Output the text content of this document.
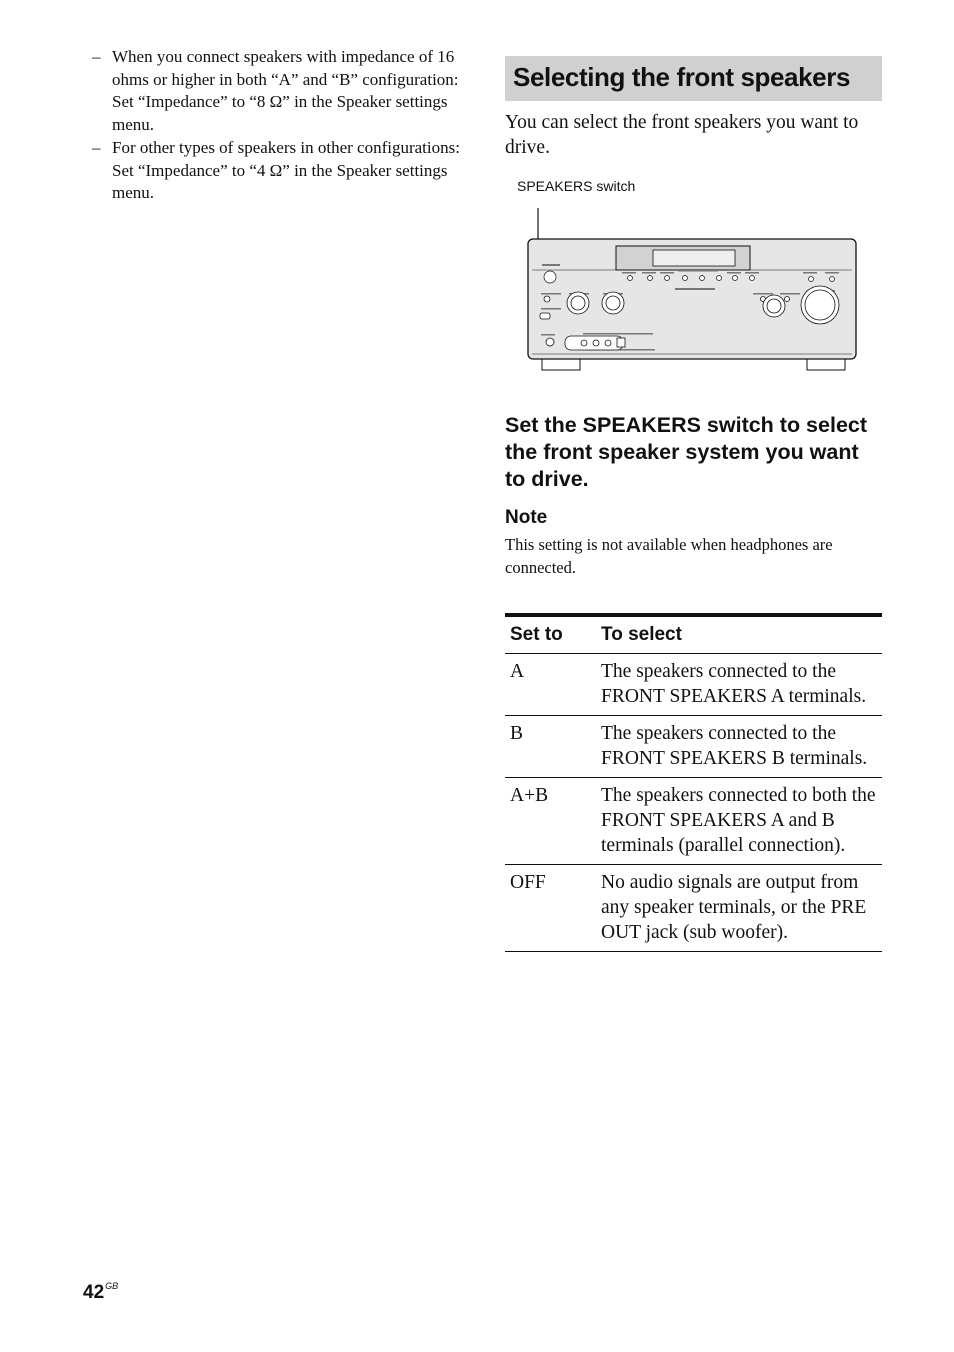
– When you connect speakers with impedance of 16 ohms or higher in both “A” and “B” configuration:

Set “Impedance” to “8 Ω” in the Speaker settings menu.

– For other types of speakers in other configurations:

Set “Impedance” to “4 Ω” in the Speaker settings menu.

Selecting the front speakers
You can select the front speakers you want to drive.
SPEAKERS switch
Set the SPEAKERS switch to select the front speaker system you want to drive.
Note
This setting is not available when headphones are connected.
Set to	To select
A	The speakers connected to the FRONT SPEAKERS A terminals.
B	The speakers connected to the FRONT SPEAKERS B terminals.
A+B	The speakers connected to both the FRONT SPEAKERS A and B terminals (parallel connection).
OFF	No audio signals are output from any speaker terminals, or the PRE OUT jack (sub woofer).
$42^{GB}$
